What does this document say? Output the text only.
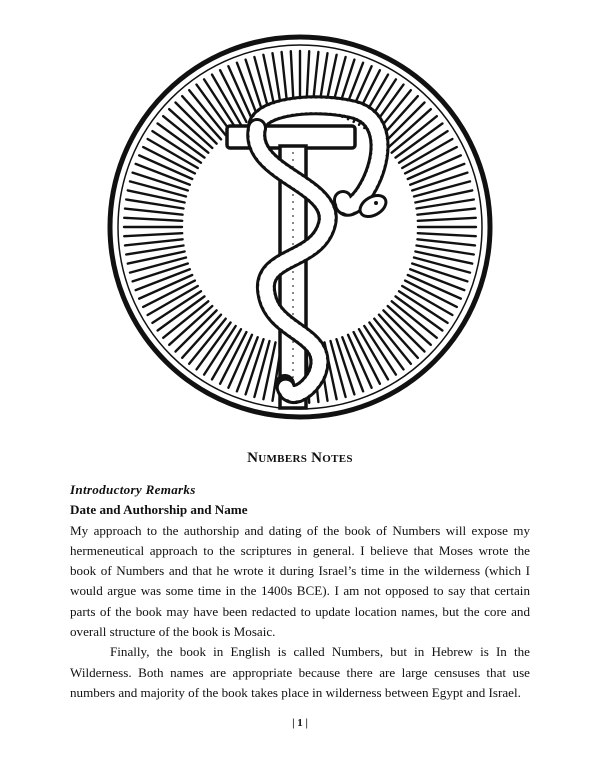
Numbers Notes
Introductory Remarks
Date and Authorship and Name

My approach to the authorship and dating of the book of Numbers will expose my hermeneutical approach to the scriptures in general. I believe that Moses wrote the book of Numbers and that he wrote it during Israel’s time in the wilderness (which I would argue was some time in the 1400s BCE). I am not opposed to say that certain parts of the book may have been redacted to update location names, but the core and overall structure of the book is Mosaic.

Finally, the book in English is called Numbers, but in Hebrew is In the Wilderness. Both names are appropriate because there are large censuses that use numbers and majority of the book takes place in wilderness between Egypt and Israel.

| 1 |
